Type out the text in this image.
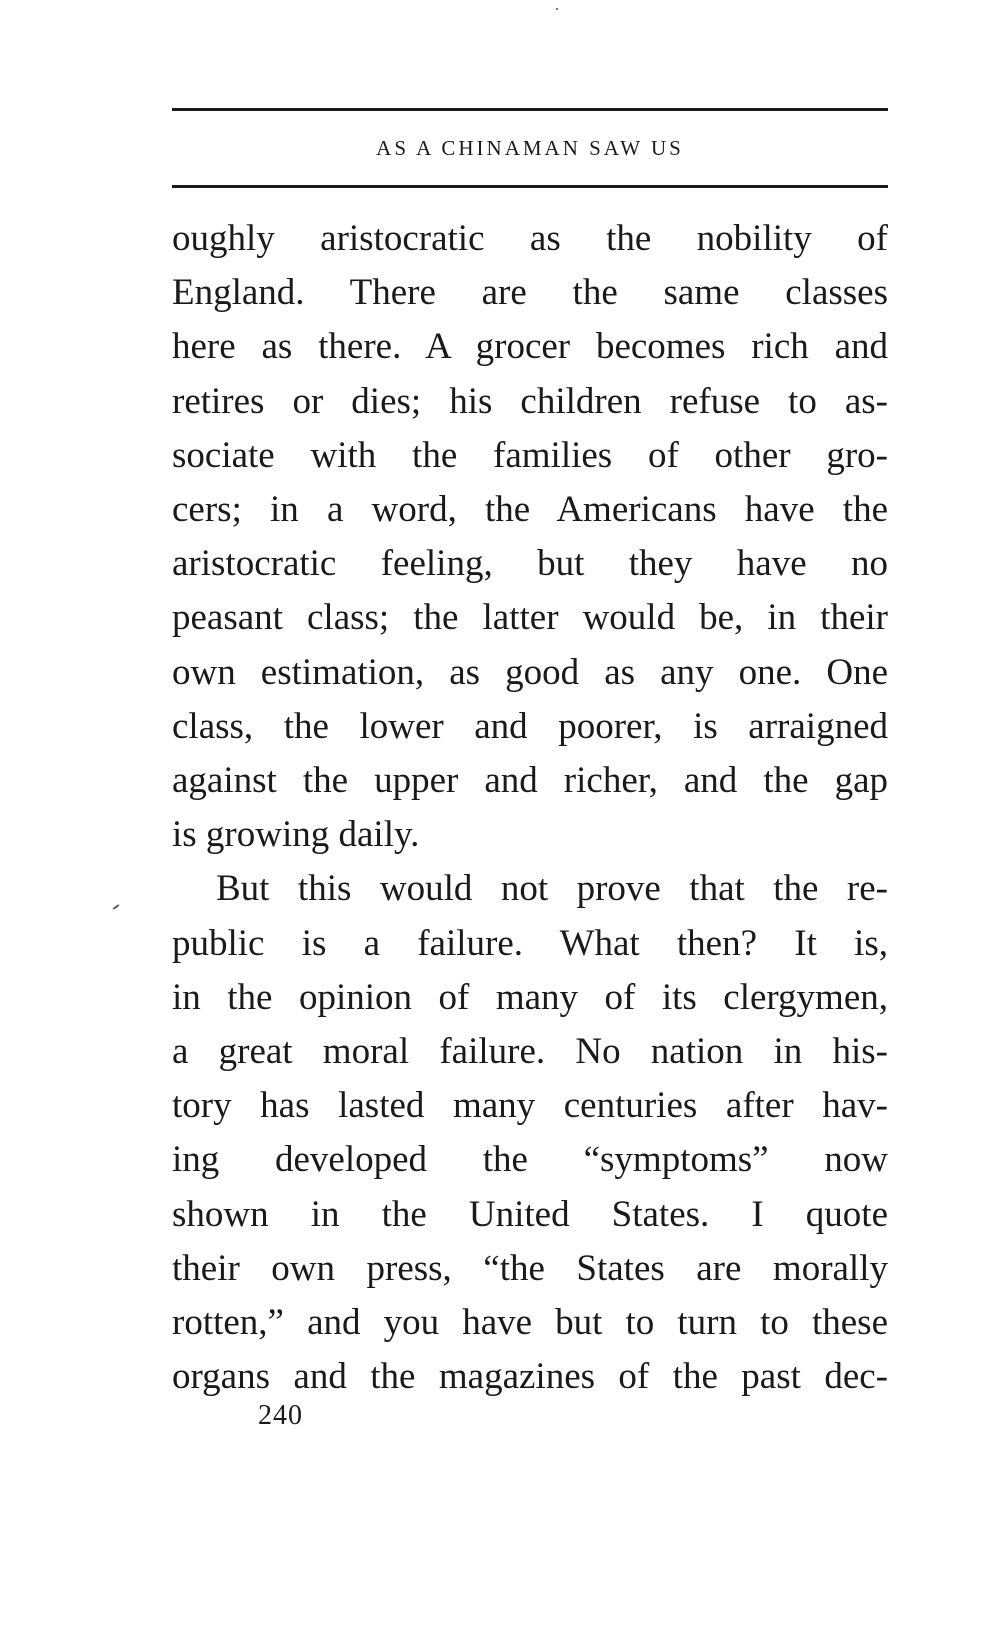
AS A CHINAMAN SAW US
oughly aristocratic as the nobility of
England. There are the same classes
here as there. A grocer becomes rich and
retires or dies; his children refuse to as-
sociate with the families of other gro-
cers; in a word, the Americans have the
aristocratic feeling, but they have no
peasant class; the latter would be, in their
own estimation, as good as any one. One
class, the lower and poorer, is arraigned
against the upper and richer, and the gap
is growing daily.
But this would not prove that the re-
public is a failure. What then? It is,
in the opinion of many of its clergymen,
a great moral failure. No nation in his-
tory has lasted many centuries after hav-
ing developed the “symptoms” now
shown in the United States. I quote
their own press, “the States are morally
rotten,” and you have but to turn to these
organs and the magazines of the past dec-
240
